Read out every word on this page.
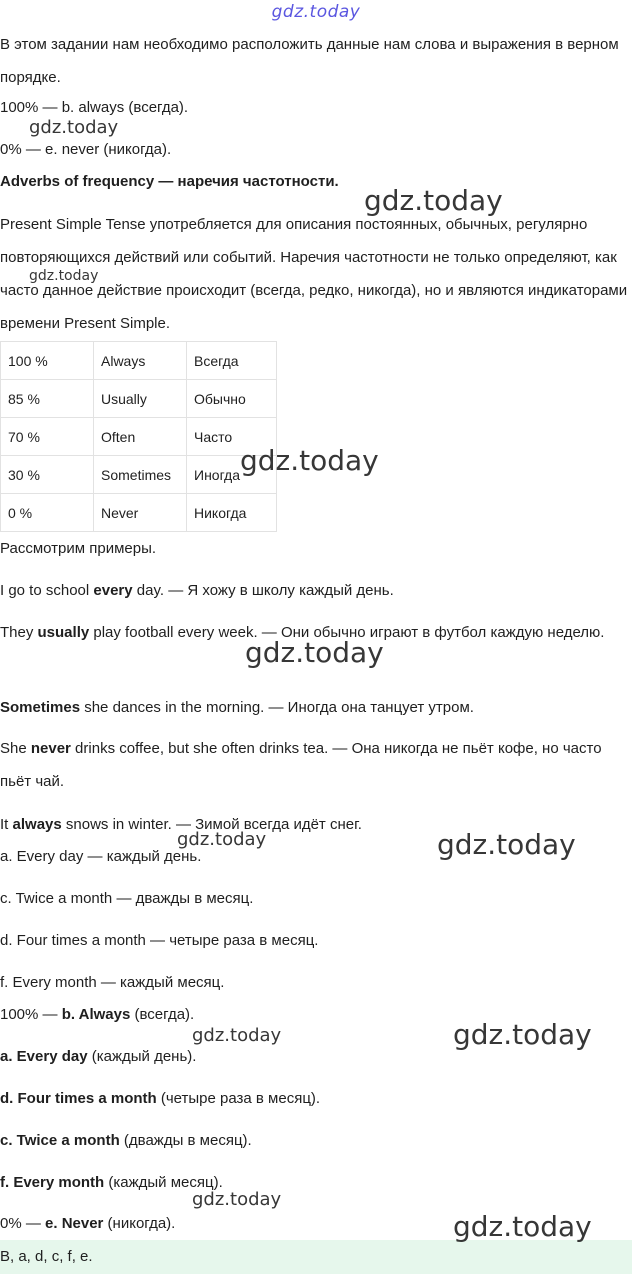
gdz.today
В этом задании нам необходимо расположить данные нам слова и выражения в верном порядке.
100% — b. always (всегда).
0% — e. never (никогда).
Adverbs of frequency — наречия частотности.
Present Simple Tense употребляется для описания постоянных, обычных, регулярно повторяющихся действий или событий. Наречия частотности не только определяют, как часто данное действие происходит (всегда, редко, никогда), но и являются индикаторами времени Present Simple.
100 %	Always	Всегда
85 %	Usually	Обычно
70 %	Often	Часто
30 %	Sometimes	Иногда
0 %	Never	Никогда
Рассмотрим примеры.
I go to school every day. — Я хожу в школу каждый день.
They usually play football every week. — Они обычно играют в футбол каждую неделю.
Sometimes she dances in the morning. — Иногда она танцует утром.
She never drinks coffee, but she often drinks tea. — Она никогда не пьёт кофе, но часто пьёт чай.
It always snows in winter. — Зимой всегда идёт снег.
a. Every day — каждый день.
c. Twice a month — дважды в месяц.
d. Four times a month — четыре раза в месяц.
f. Every month — каждый месяц.
100% — b. Always (всегда).
a. Every day (каждый день).
d. Four times a month (четыре раза в месяц).
c. Twice a month (дважды в месяц).
f. Every month (каждый месяц).
0% — e. Never (никогда).
B, a, d, c, f, e.
gdz.today
gdz.today
gdz.today
gdz.today
gdz.today
gdz.today	gdz.today
gdz.today	gdz.today
gdz.today
gdz.today
